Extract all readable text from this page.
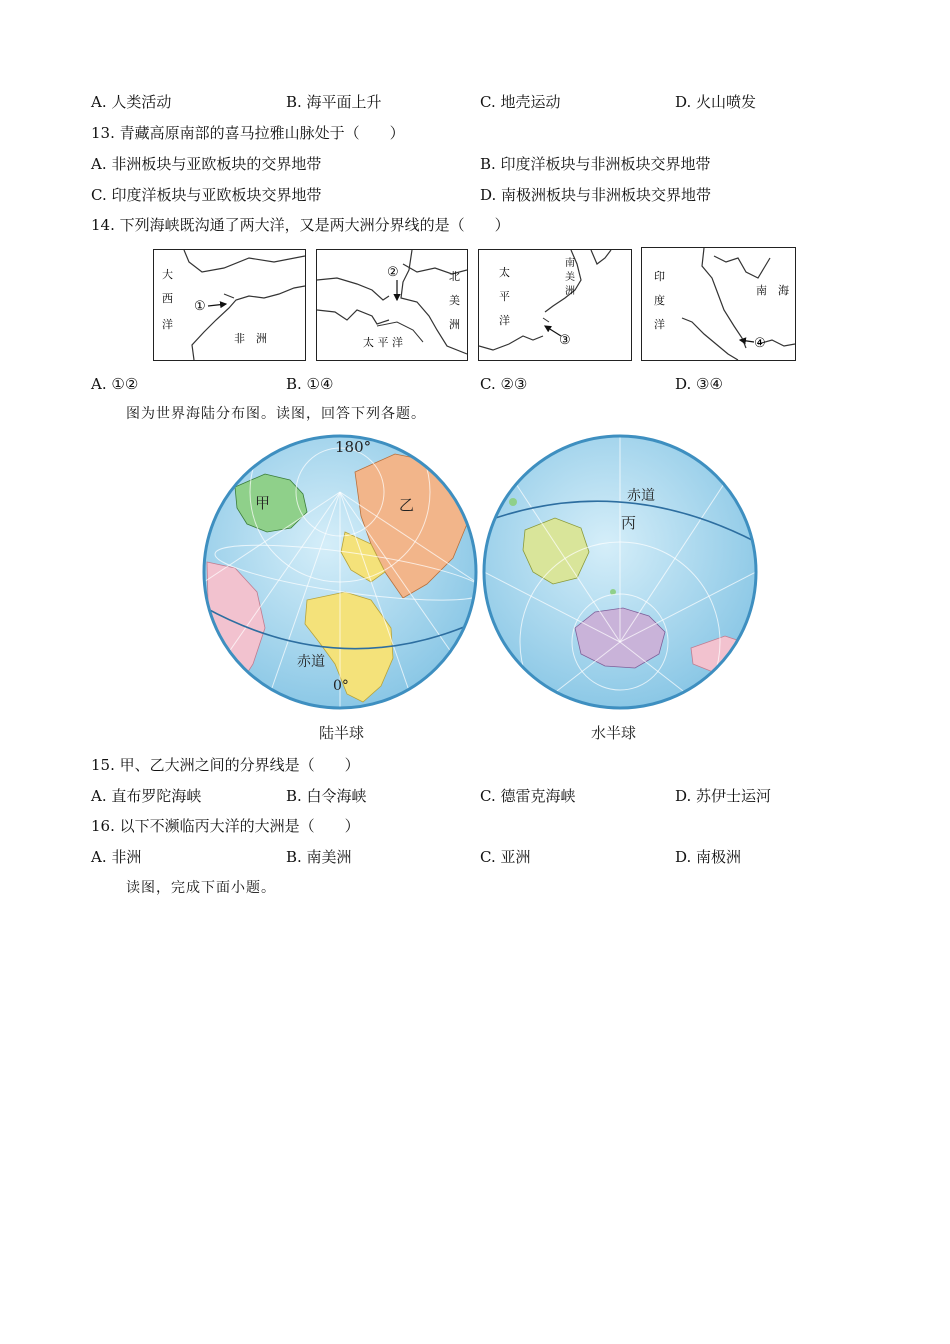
A. 人类活动	B. 海平面上升	C. 地壳运动	D. 火山喷发
13. 青藏高原南部的喜马拉雅山脉处于（　　）
A. 非洲板块与亚欧板块的交界地带	B. 印度洋板块与非洲板块交界地带
C. 印度洋板块与亚欧板块交界地带	D. 南极洲板块与非洲板块交界地带
14. 下列海峡既沟通了两大洋，又是两大洲分界线的是（　　）
大
西
洋
非　洲
①
北
美
洲
太 平 洋
②	太
平
洋
南
美
洲
③
印
度
洋
南　海
④
A. ①②	B. ①④	C. ②③	D. ③④
图为世界海陆分布图。读图，回答下列各题。
180°
甲	乙
赤道
0°
赤道
丙
陆半球	水半球
15. 甲、乙大洲之间的分界线是（　　）
A. 直布罗陀海峡	B. 白令海峡	C. 德雷克海峡	D. 苏伊士运河
16. 以下不濒临丙大洋的大洲是（　　）
A. 非洲	B. 南美洲	C. 亚洲	D. 南极洲
读图，完成下面小题。
